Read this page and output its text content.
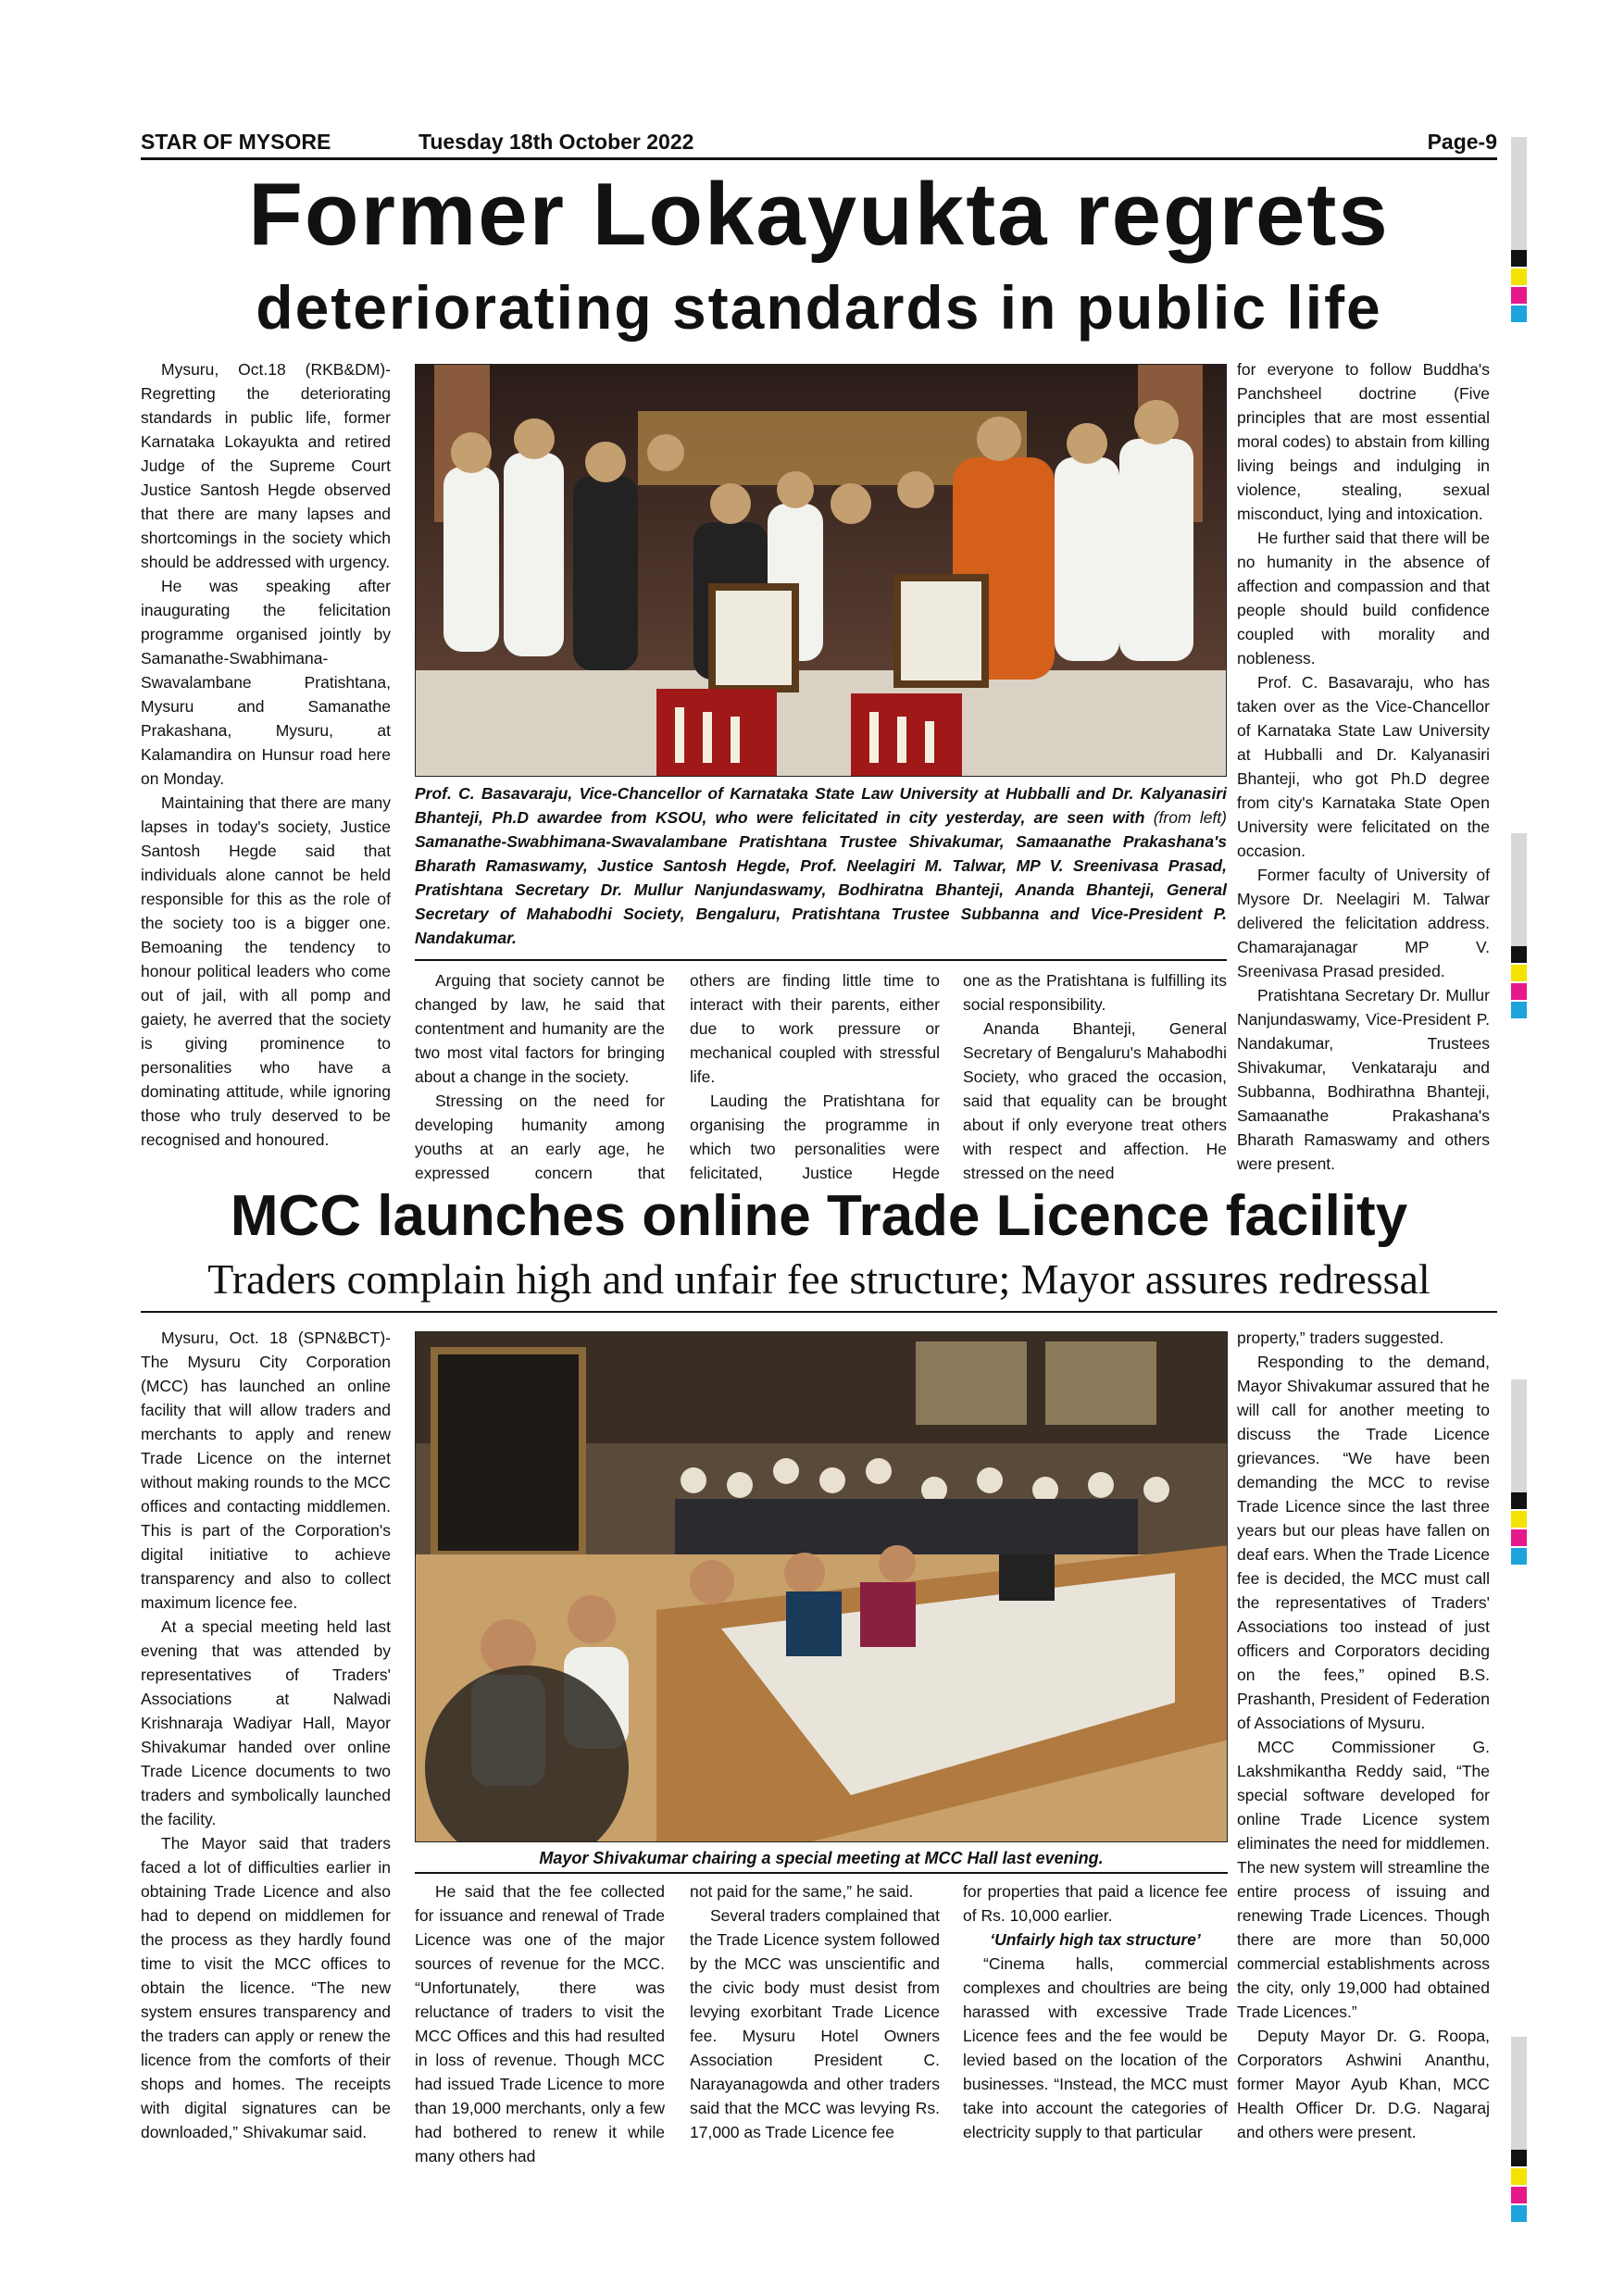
STAR OF MYSORE	Tuesday 18th October 2022	Page-9
Former Lokayukta regrets
deteriorating standards in public life

Mysuru, Oct.18 (RKB&DM)- Regretting the deteriorating standards in public life, former Karnataka Lokayukta and retired Judge of the Supreme Court Justice Santosh Hegde observed that there are many lapses and shortcomings in the society which should be addressed with urgency.

He was speaking after inaugurating the felicitation programme organised jointly by Samanathe-Swabhimana-Swavalambane Pratishtana, Mysuru and Samanathe Prakashana, Mysuru, at Kalamandira on Hunsur road here on Monday.

Maintaining that there are many lapses in today's society, Justice Santosh Hegde said that individuals alone cannot be held responsible for this as the role of the society too is a bigger one. Bemoaning the tendency to honour political leaders who come out of jail, with all pomp and gaiety, he averred that the society is giving prominence to personalities who have a dominating attitude, while ignoring those who truly deserved to be recognised and honoured.

Prof. C. Basavaraju, Vice-Chancellor of Karnataka State Law University at Hubballi and Dr. Kalyanasiri Bhanteji, Ph.D awardee from KSOU, who were felicitated in city yesterday, are seen with (from left) Samanathe-Swabhimana-Swavalambane Pratishtana Trustee Shivakumar, Samaanathe Prakashana's Bharath Ramaswamy, Justice Santosh Hegde, Prof. Neelagiri M. Talwar, MP V. Sreenivasa Prasad, Pratishtana Secretary Dr. Mullur Nanjundaswamy, Bodhiratna Bhanteji, Ananda Bhanteji, General Secretary of Mahabodhi Society, Bengaluru, Pratishtana Trustee Subbanna and Vice-President P. Nandakumar.

Arguing that society cannot be changed by law, he said that contentment and humanity are the two most vital factors for bringing about a change in the society.

Stressing on the need for developing humanity among youths at an early age, he expressed concern that

others are finding little time to interact with their parents, either due to work pressure or mechanical coupled with stressful life.

Lauding the Pratishtana for organising the programme in which two personalities were felicitated, Justice Hegde

one as the Pratishtana is fulfilling its social responsibility.

Ananda Bhanteji, General Secretary of Bengaluru's Mahabodhi Society, who graced the occasion, said that equality can be brought about if only everyone treat others with respect and affection. He stressed on the need

for everyone to follow Buddha's Panchsheel doctrine (Five principles that are most essential moral codes) to abstain from killing living beings and indulging in violence, stealing, sexual misconduct, lying and intoxication.

He further said that there will be no humanity in the absence of affection and compassion and that people should build confidence coupled with morality and nobleness.

Prof. C. Basavaraju, who has taken over as the Vice-Chancellor of Karnataka State Law University at Hubballi and Dr. Kalyanasiri Bhanteji, who got Ph.D degree from city's Karnataka State Open University were felicitated on the occasion.

Former faculty of University of Mysore Dr. Neelagiri M. Talwar delivered the felicitation address. Chamarajanagar MP V. Sreenivasa Prasad presided.

Pratishtana Secretary Dr. Mullur Nanjundaswamy, Vice-President P. Nandakumar, Trustees Shivakumar, Venkataraju and Subbanna, Bodhirathna Bhanteji, Samaanathe Prakashana's Bharath Ramaswamy and others were present.

MCC launches online Trade Licence facility
Traders complain high and unfair fee structure; Mayor assures redressal

Mysuru, Oct. 18 (SPN&BCT)- The Mysuru City Corporation (MCC) has launched an online facility that will allow traders and merchants to apply and renew Trade Licence on the internet without making rounds to the MCC offices and contacting middlemen. This is part of the Corporation's digital initiative to achieve transparency and also to collect maximum licence fee.

At a special meeting held last evening that was attended by representatives of Traders' Associations at Nalwadi Krishnaraja Wadiyar Hall, Mayor Shivakumar handed over online Trade Licence documents to two traders and symbolically launched the facility.

The Mayor said that traders faced a lot of difficulties earlier in obtaining Trade Licence and also had to depend on middlemen for the process as they hardly found time to visit the MCC offices to obtain the licence. “The new system ensures transparency and the traders can apply or renew the licence from the comforts of their shops and homes. The receipts with digital signatures can be downloaded,” Shivakumar said.

Mayor Shivakumar chairing a special meeting at MCC Hall last evening.

He said that the fee collected for issuance and renewal of Trade Licence was one of the major sources of revenue for the MCC. “Unfortunately, there was reluctance of traders to visit the MCC Offices and this had resulted in loss of revenue. Though MCC had issued Trade Licence to more than 19,000 merchants, only a few had bothered to renew it while many others had

not paid for the same,” he said.

Several traders complained that the Trade Licence system followed by the MCC was unscientific and the civic body must desist from levying exorbitant Trade Licence fee. Mysuru Hotel Owners Association President C. Narayanagowda and other traders said that the MCC was levying Rs. 17,000 as Trade Licence fee

for properties that paid a licence fee of Rs. 10,000 earlier.

‘Unfairly high tax structure’

“Cinema halls, commercial complexes and choultries are being harassed with excessive Trade Licence fees and the fee would be levied based on the location of the businesses. “Instead, the MCC must take into account the categories of electricity supply to that particular

property,” traders suggested.

Responding to the demand, Mayor Shivakumar assured that he will call for another meeting to discuss the Trade Licence grievances. “We have been demanding the MCC to revise Trade Licence since the last three years but our pleas have fallen on deaf ears. When the Trade Licence fee is decided, the MCC must call the representatives of Traders' Associations too instead of just officers and Corporators deciding on the fees,” opined B.S. Prashanth, President of Federation of Associations of Mysuru.

MCC Commissioner G. Lakshmikantha Reddy said, “The special software developed for online Trade Licence system eliminates the need for middlemen. The new system will streamline the entire process of issuing and renewing Trade Licences. Though there are more than 50,000 commercial establishments across the city, only 19,000 had obtained Trade Licences.”

Deputy Mayor Dr. G. Roopa, Corporators Ashwini Ananthu, former Mayor Ayub Khan, MCC Health Officer Dr. D.G. Nagaraj and others were present.
